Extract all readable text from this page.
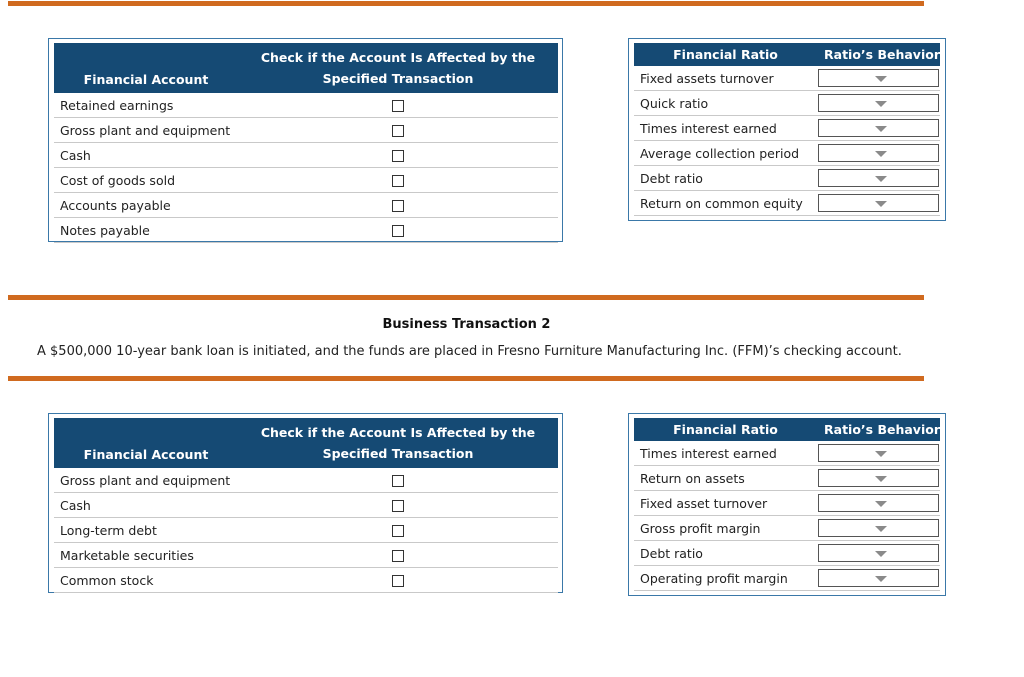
Financial Account	Check if the Account Is Affected by the
Specified Transaction
Retained earnings	
Gross plant and equipment	
Cash	
Cost of goods sold	
Accounts payable	
Notes payable	
Financial Ratio	Ratio’s Behavior
Fixed assets turnover	

Quick ratio	

Times interest earned	

Average collection period	

Debt ratio	

Return on common equity	
Business Transaction 2
A $500,000 10-year bank loan is initiated, and the funds are placed in Fresno Furniture Manufacturing Inc. (FFM)’s checking account.
Financial Account	Check if the Account Is Affected by the
Specified Transaction
Gross plant and equipment	
Cash	
Long-term debt	
Marketable securities	
Common stock	
Financial Ratio	Ratio’s Behavior
Times interest earned	

Return on assets	

Fixed asset turnover	

Gross profit margin	

Debt ratio	

Operating profit margin	
